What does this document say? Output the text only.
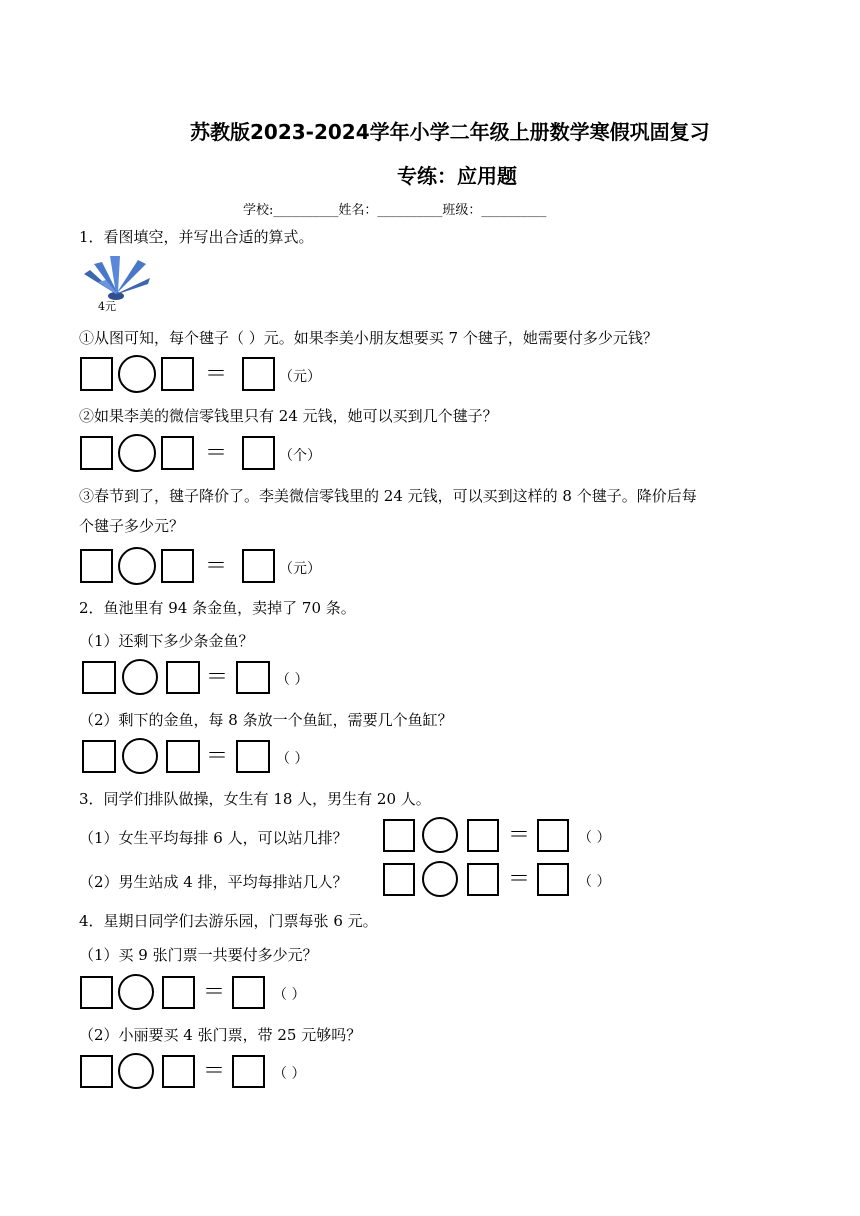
苏教版2023-2024学年小学二年级上册数学寒假巩固复习
专练：应用题
学校:__________姓名：__________班级：__________
1．看图填空，并写出合适的算式。
4元
①从图可知，每个毽子（ ）元。如果李美小朋友想要买 7 个毽子，她需要付多少元钱？
＝	（元）
②如果李美的微信零钱里只有 24 元钱，她可以买到几个毽子？
＝	（个）
③春节到了，毽子降价了。李美微信零钱里的 24 元钱，可以买到这样的 8 个毽子。降价后每
个毽子多少元？
＝	（元）
2．鱼池里有 94 条金鱼，卖掉了 70 条。
（1）还剩下多少条金鱼？
＝	（ ）
（2）剩下的金鱼，每 8 条放一个鱼缸，需要几个鱼缸？
＝	（ ）
3．同学们排队做操，女生有 18 人，男生有 20 人。
（1）女生平均每排 6 人，可以站几排？	＝	（ ）
（2）男生站成 4 排，平均每排站几人？	＝	（ ）
4．星期日同学们去游乐园，门票每张 6 元。
（1）买 9 张门票一共要付多少元？
＝	（ ）
（2）小丽要买 4 张门票，带 25 元够吗？
＝	（ ）
